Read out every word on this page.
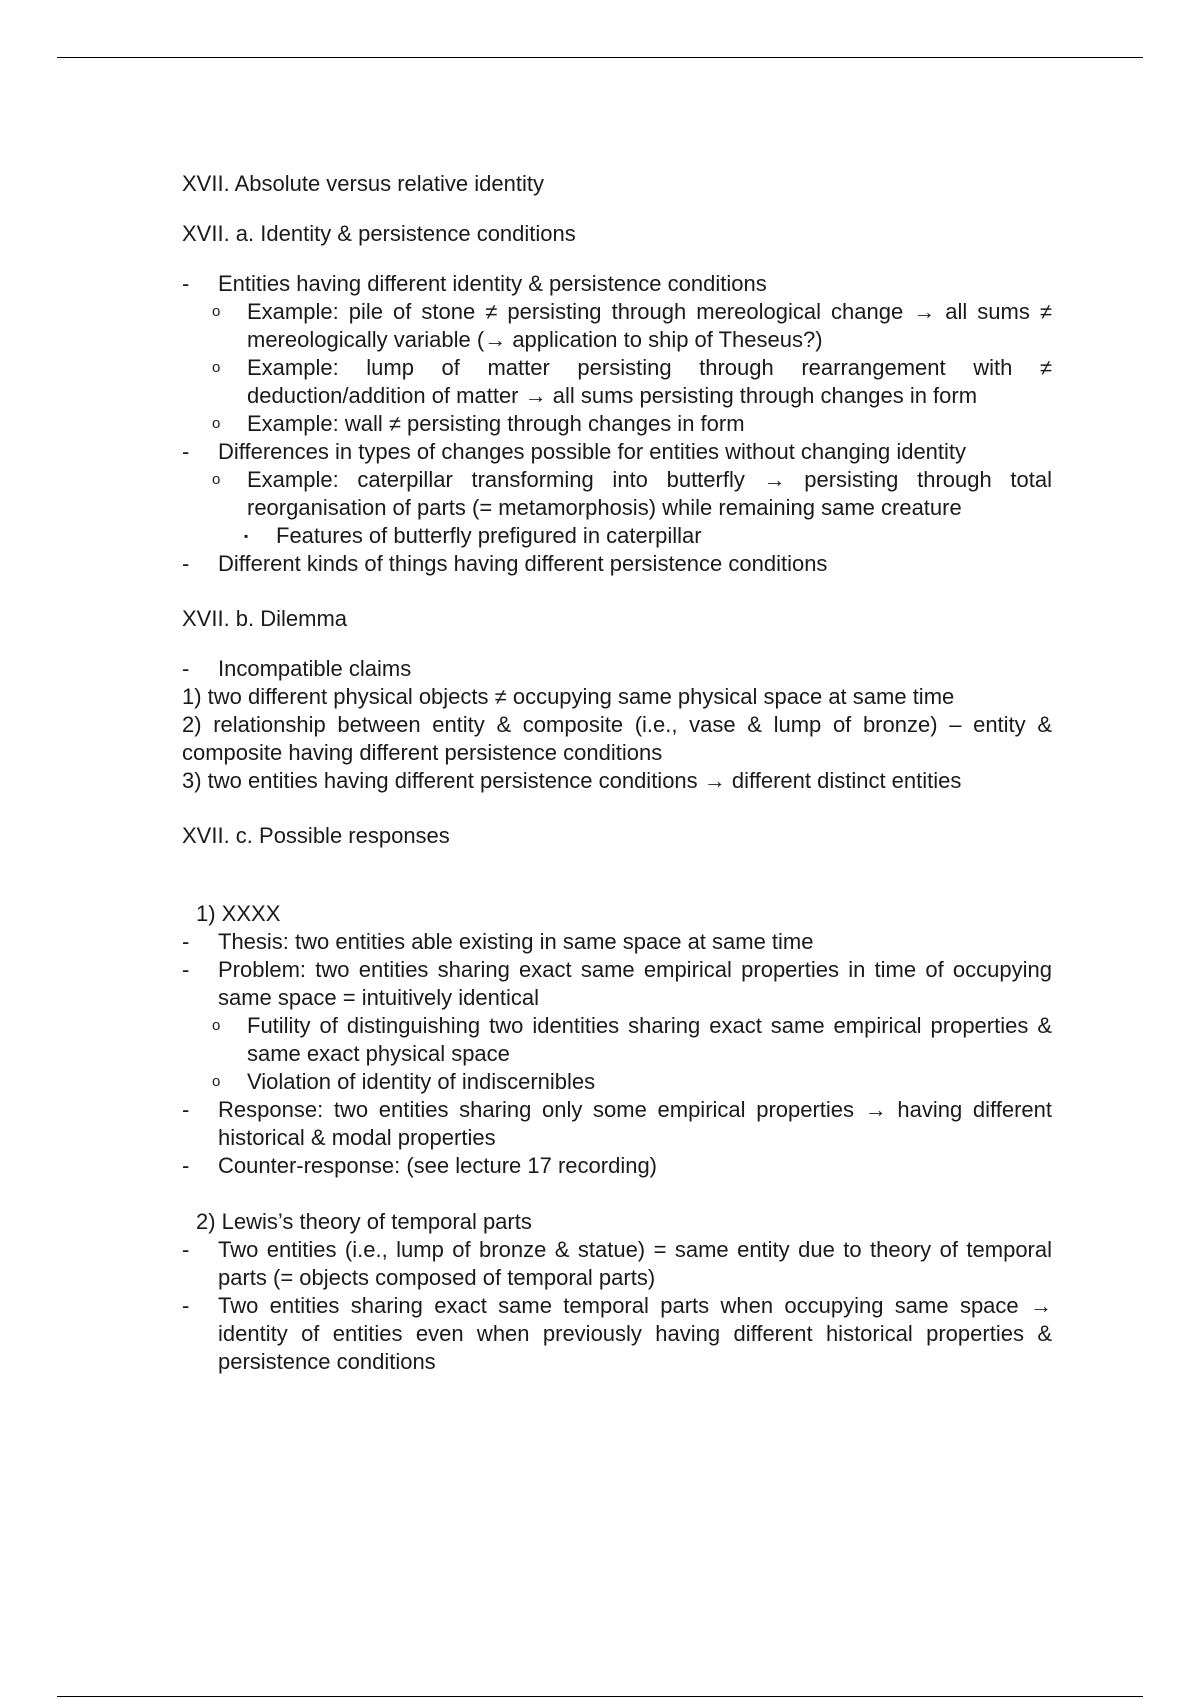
XVII. Absolute versus relative identity

XVII. a. Identity & persistence conditions

-	Entities having different identity & persistence conditions

o	Example: pile of stone ≠ persisting through mereological change → all sums ≠ mereologically variable (→ application to ship of Theseus?)

o	Example: lump of matter persisting through rearrangement with ≠ deduction/addition of matter → all sums persisting through changes in form

o	Example: wall ≠ persisting through changes in form

-	Differences in types of changes possible for entities without changing identity

o	Example: caterpillar transforming into butterfly → persisting through total reorganisation of parts (= metamorphosis) while remaining same creature

▪	Features of butterfly prefigured in caterpillar

-	Different kinds of things having different persistence conditions

XVII. b. Dilemma

-	Incompatible claims

1) two different physical objects ≠ occupying same physical space at same time

2) relationship between entity & composite (i.e., vase & lump of bronze) – entity & composite having different persistence conditions

3) two entities having different persistence conditions → different distinct entities

XVII. c. Possible responses

1) XXXX

-	Thesis: two entities able existing in same space at same time

-	Problem: two entities sharing exact same empirical properties in time of occupying same space = intuitively identical

o	Futility of distinguishing two identities sharing exact same empirical properties & same exact physical space

o	Violation of identity of indiscernibles

-	Response: two entities sharing only some empirical properties → having different historical & modal properties

-	Counter-response: (see lecture 17 recording)

2) Lewis’s theory of temporal parts

-	Two entities (i.e., lump of bronze & statue) = same entity due to theory of temporal parts (= objects composed of temporal parts)

-	Two entities sharing exact same temporal parts when occupying same space → identity of entities even when previously having different historical properties & persistence conditions
